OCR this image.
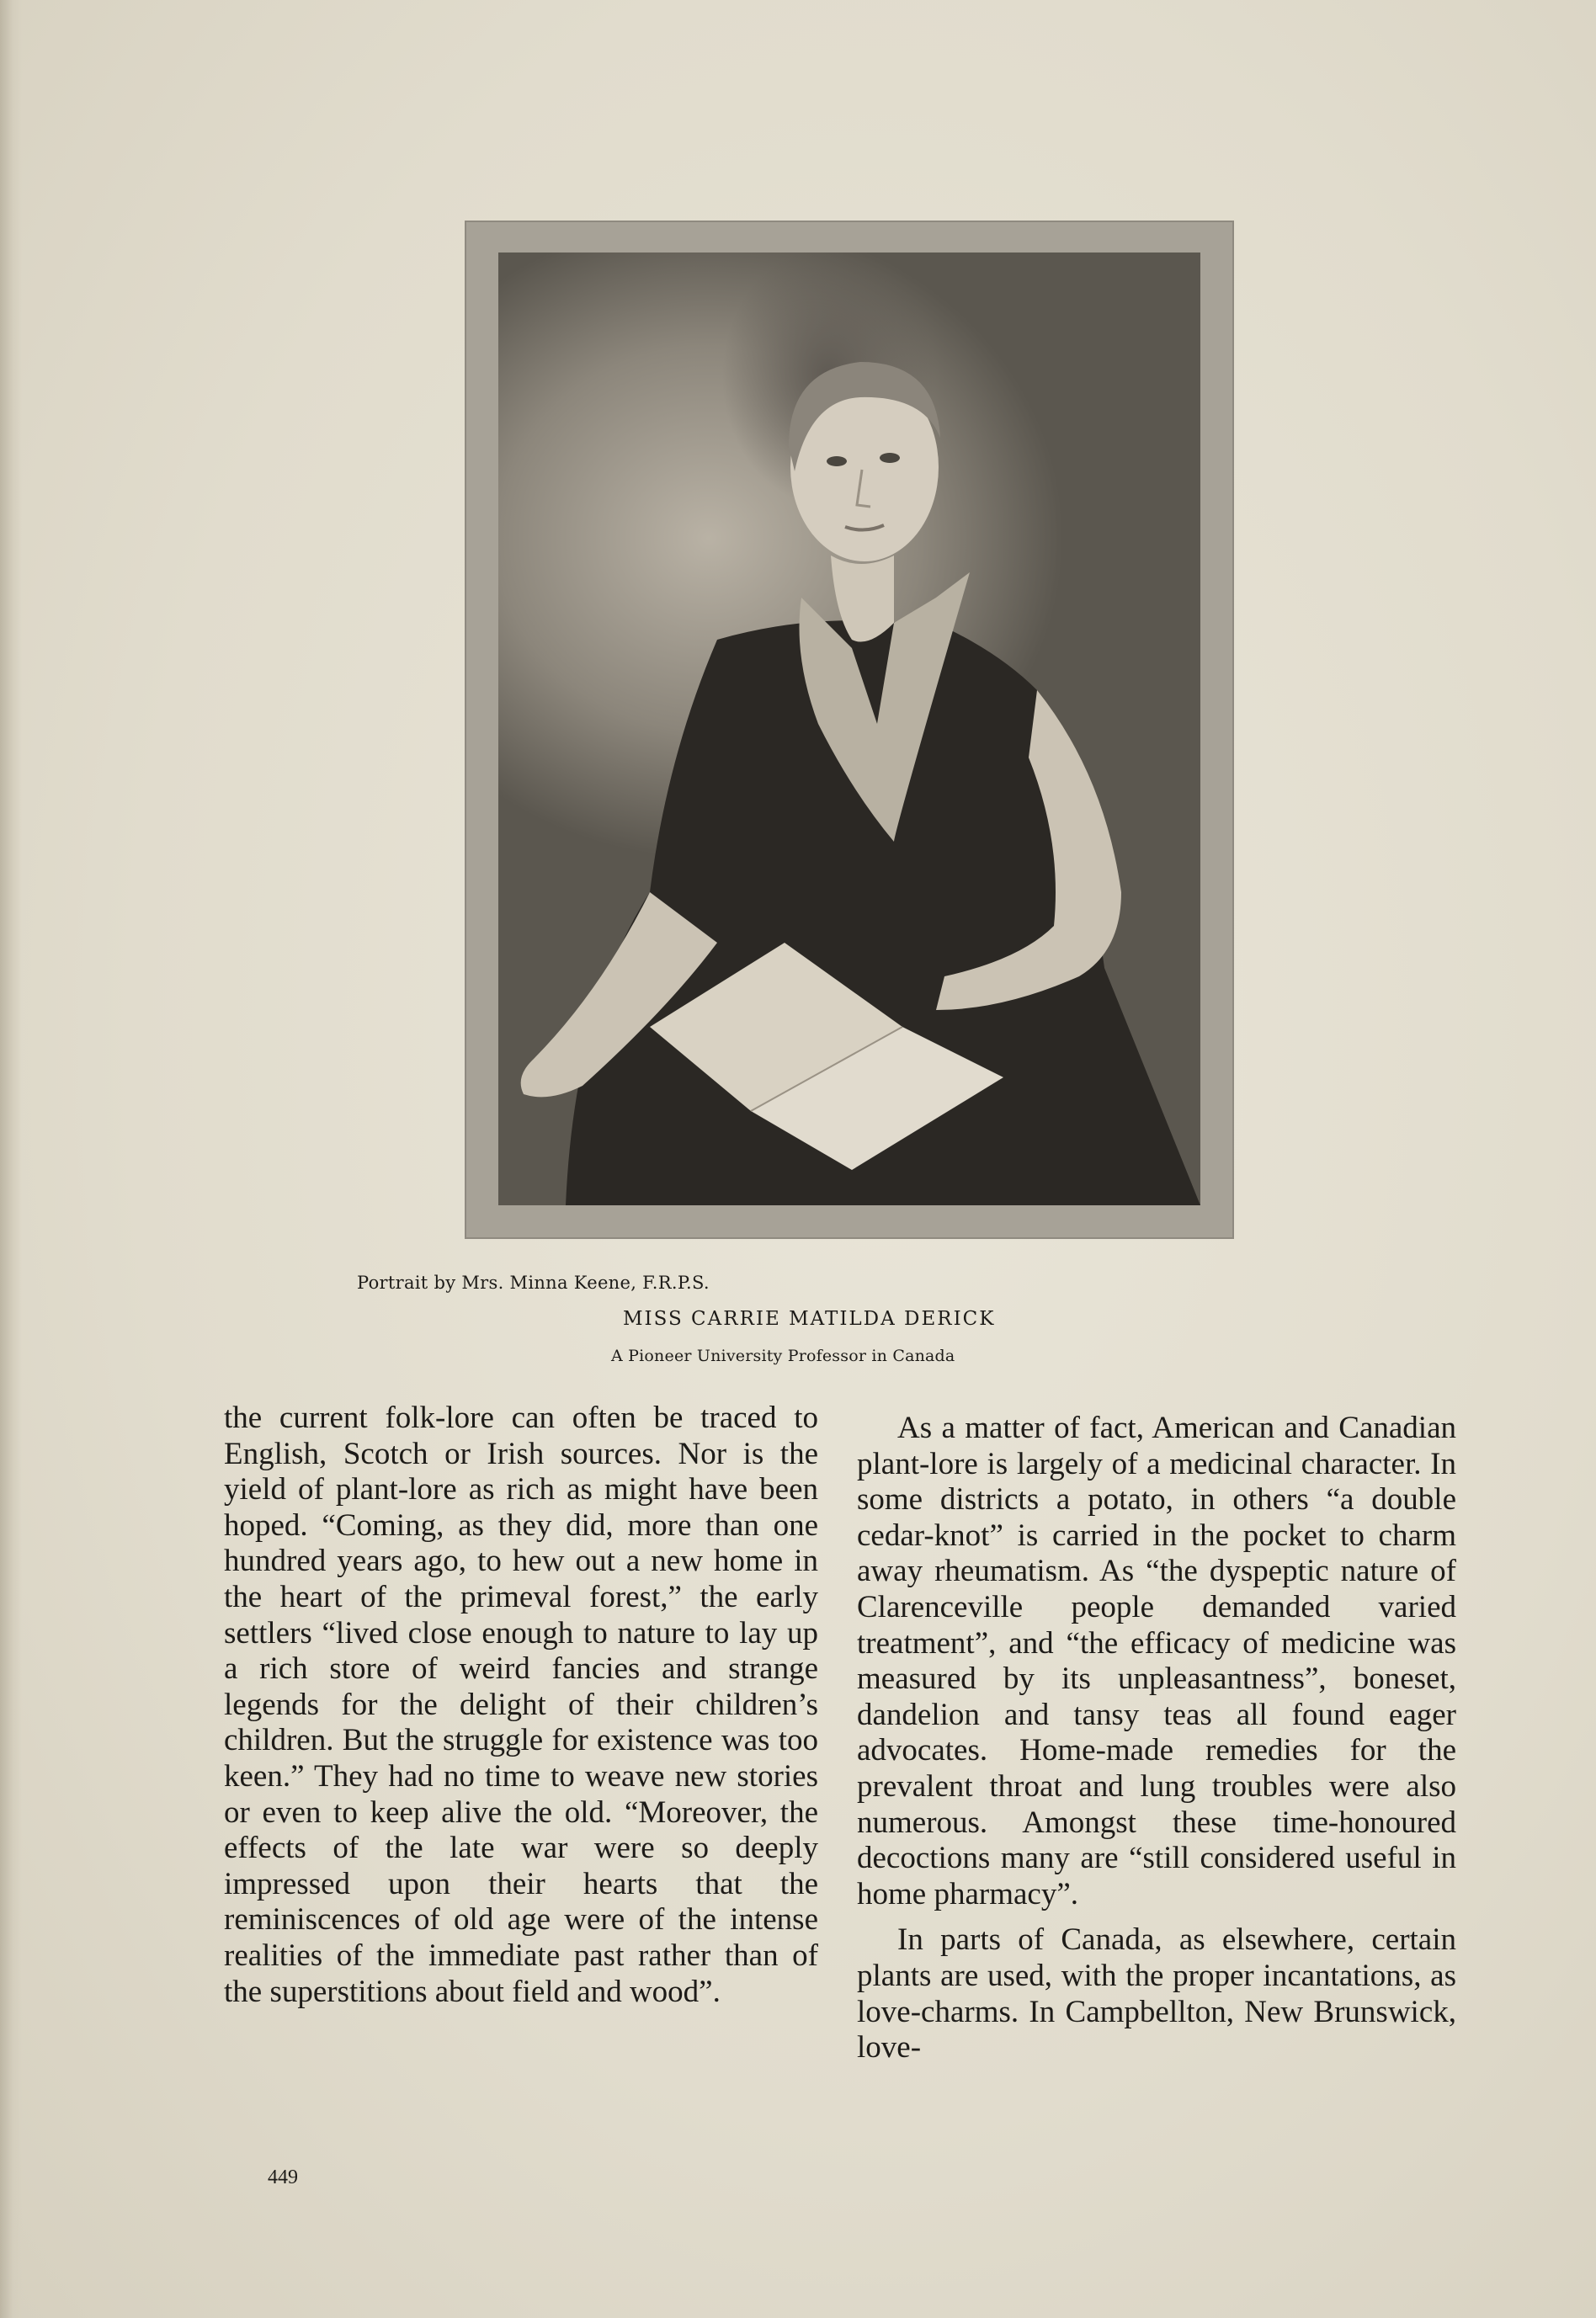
Portrait by Mrs. Minna Keene, F.R.P.S.
MISS CARRIE MATILDA DERICK
A Pioneer University Professor in Canada

the current folk-lore can often be traced to English, Scotch or Irish sources. Nor is the yield of plant-lore as rich as might have been hoped. “Coming, as they did, more than one hundred years ago, to hew out a new home in the heart of the primeval forest,” the early settlers “lived close enough to nature to lay up a rich store of weird fancies and strange legends for the delight of their children’s children. But the struggle for existence was too keen.” They had no time to weave new stories or even to keep alive the old. “Moreover, the effects of the late war were so deeply impressed upon their hearts that the reminiscences of old age were of the intense realities of the immediate past rather than of the superstitions about field and wood”.

As a matter of fact, American and Canadian plant-lore is largely of a medicinal character. In some districts a potato, in others “a double cedar-knot” is carried in the pocket to charm away rheumatism. As “the dyspeptic nature of Clarenceville people demanded varied treatment”, and “the efficacy of medicine was measured by its unpleasantness”, boneset, dandelion and tansy teas all found eager advocates. Home-made remedies for the prevalent throat and lung troubles were also numerous. Amongst these time-honoured decoctions many are “still considered useful in home pharmacy”.

In parts of Canada, as elsewhere, certain plants are used, with the proper incantations, as love-charms. In Campbellton, New Brunswick, love-

449
